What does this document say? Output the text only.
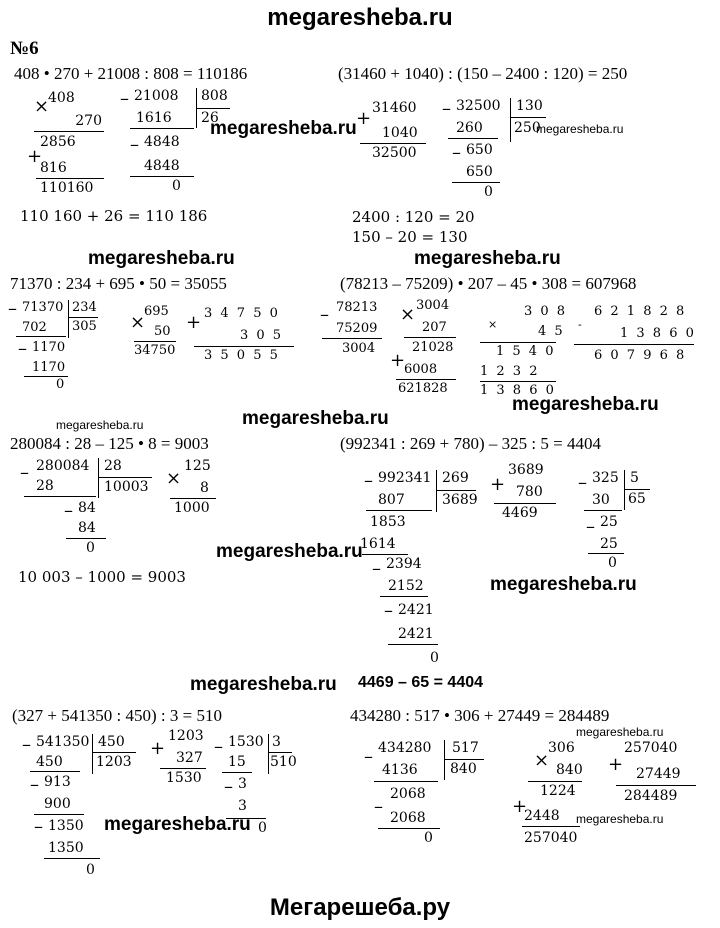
megaresheba.ru
Мегарешеба.ру
№6
408 • 270 + 21008 : 808 = 110186
×
408
270
2856
+
816
110160
– 21008 808
26
1616
– 4848
4848
0
110 160 + 26 = 110 186
(31460 + 1040) : (150 – 2400 : 120) = 250
+ 31460
1040
32500
– 32500 130
250
260
– 650
650
0
2400 : 120 = 20
150 – 20 = 130
71370 : 234 + 695 • 50 = 35055
– 71370 234
305
702
– 1170
1170
0
×
695
50
34750
+ 3 4 7 5 0
3 0 5
3 5 0 5 5
(78213 – 75209) • 207 – 45 • 308 = 607968
– 78213
75209
3004
× 3004
207
21028
+
6008
621828
×
3 0 8
4 5
1 5 4 0
1 2 3 2
1 3 8 6 0
-
6 2 1 8 2 8
1 3 8 6 0
6 0 7 9 6 8
280084 : 28 – 125 • 8 = 9003
– 280084 28
10003
28
– 84
84
0
×
125
8
1000
10 003 – 1000 = 9003
(992341 : 269 + 780) – 325 : 5 = 4404
– 992341 269
3689
807
1853
1614
– 2394
2152
– 2421
2421
0
+
3689
780
4469
– 325 5
65
30
– 25
25
0
4469 – 65 = 4404
(327 + 541350 : 450) : 3 = 510
– 541350 450
1203
450
– 913
900
– 1350
1350
0
+
1203
327
1530
– 1530 3
510
15
– 3
3
0
434280 : 517 • 306 + 27449 = 284489
– 434280 517
840
4136
–
2068
2068
0
×
306
840
1224
+
2448
257040
+
257040
27449
284489
megaresheba.ru	megaresheba.ru
megaresheba.ru	megaresheba.ru
megaresheba.ru
megaresheba.ru
megaresheba.ru
megaresheba.ru
megaresheba.ru
megaresheba.ru
megaresheba.ru
megaresheba.ru	megaresheba.ru
